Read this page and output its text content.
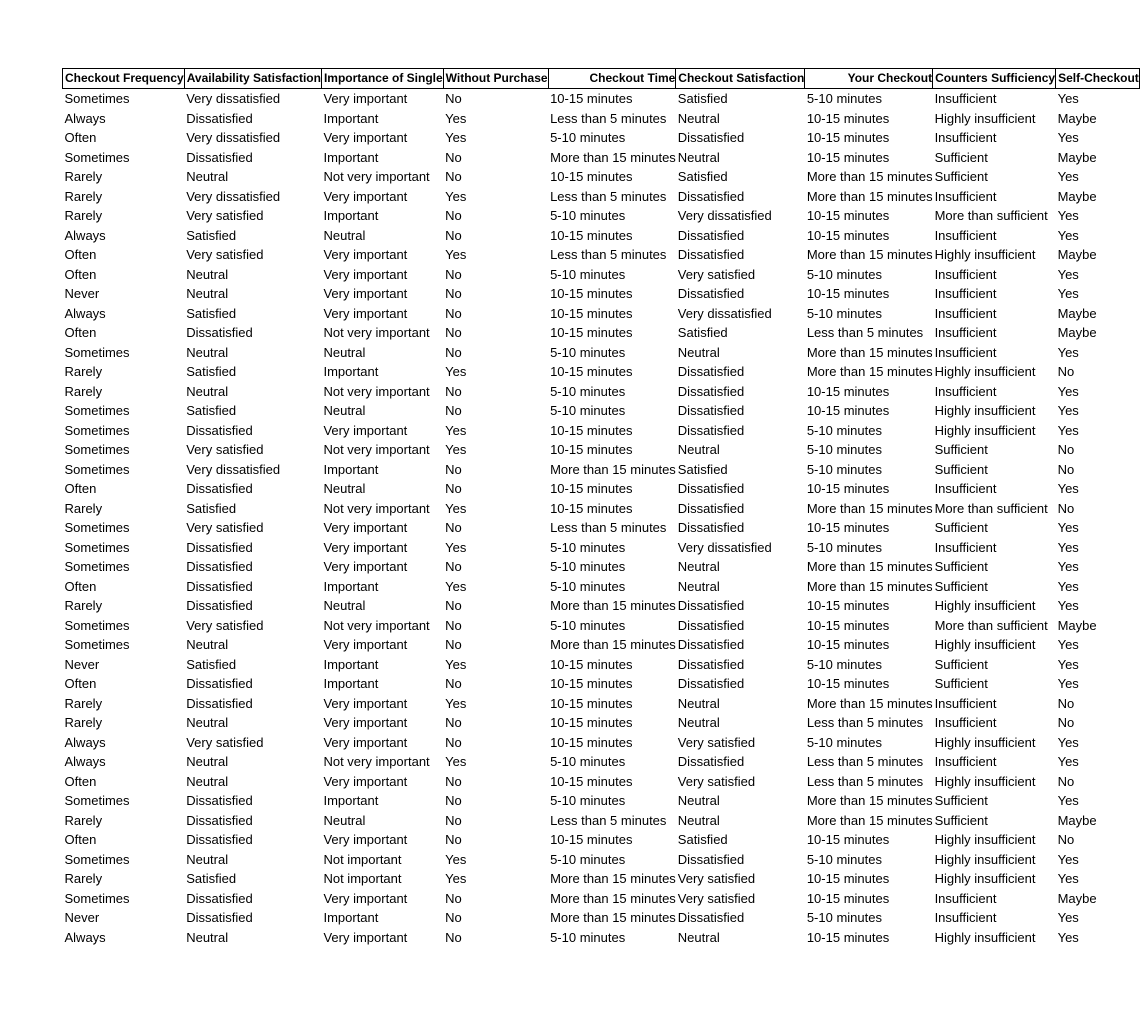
Checkout Frequency	Availability Satisfaction	Importance of Single	Without Purchase	Checkout Time	Checkout Satisfaction	Your Checkout	Counters Sufficiency	Self-Checkout
Sometimes	Very dissatisfied	Very important	No	10-15 minutes	Satisfied	5-10 minutes	Insufficient	Yes
Always	Dissatisfied	Important	Yes	Less than 5 minutes	Neutral	10-15 minutes	Highly insufficient	Maybe
Often	Very dissatisfied	Very important	Yes	5-10 minutes	Dissatisfied	10-15 minutes	Insufficient	Yes
Sometimes	Dissatisfied	Important	No	More than 15 minutes	Neutral	10-15 minutes	Sufficient	Maybe
Rarely	Neutral	Not very important	No	10-15 minutes	Satisfied	More than 15 minutes	Sufficient	Yes
Rarely	Very dissatisfied	Very important	Yes	Less than 5 minutes	Dissatisfied	More than 15 minutes	Insufficient	Maybe
Rarely	Very satisfied	Important	No	5-10 minutes	Very dissatisfied	10-15 minutes	More than sufficient	Yes
Always	Satisfied	Neutral	No	10-15 minutes	Dissatisfied	10-15 minutes	Insufficient	Yes
Often	Very satisfied	Very important	Yes	Less than 5 minutes	Dissatisfied	More than 15 minutes	Highly insufficient	Maybe
Often	Neutral	Very important	No	5-10 minutes	Very satisfied	5-10 minutes	Insufficient	Yes
Never	Neutral	Very important	No	10-15 minutes	Dissatisfied	10-15 minutes	Insufficient	Yes
Always	Satisfied	Very important	No	10-15 minutes	Very dissatisfied	5-10 minutes	Insufficient	Maybe
Often	Dissatisfied	Not very important	No	10-15 minutes	Satisfied	Less than 5 minutes	Insufficient	Maybe
Sometimes	Neutral	Neutral	No	5-10 minutes	Neutral	More than 15 minutes	Insufficient	Yes
Rarely	Satisfied	Important	Yes	10-15 minutes	Dissatisfied	More than 15 minutes	Highly insufficient	No
Rarely	Neutral	Not very important	No	5-10 minutes	Dissatisfied	10-15 minutes	Insufficient	Yes
Sometimes	Satisfied	Neutral	No	5-10 minutes	Dissatisfied	10-15 minutes	Highly insufficient	Yes
Sometimes	Dissatisfied	Very important	Yes	10-15 minutes	Dissatisfied	5-10 minutes	Highly insufficient	Yes
Sometimes	Very satisfied	Not very important	Yes	10-15 minutes	Neutral	5-10 minutes	Sufficient	No
Sometimes	Very dissatisfied	Important	No	More than 15 minutes	Satisfied	5-10 minutes	Sufficient	No
Often	Dissatisfied	Neutral	No	10-15 minutes	Dissatisfied	10-15 minutes	Insufficient	Yes
Rarely	Satisfied	Not very important	Yes	10-15 minutes	Dissatisfied	More than 15 minutes	More than sufficient	No
Sometimes	Very satisfied	Very important	No	Less than 5 minutes	Dissatisfied	10-15 minutes	Sufficient	Yes
Sometimes	Dissatisfied	Very important	Yes	5-10 minutes	Very dissatisfied	5-10 minutes	Insufficient	Yes
Sometimes	Dissatisfied	Very important	No	5-10 minutes	Neutral	More than 15 minutes	Sufficient	Yes
Often	Dissatisfied	Important	Yes	5-10 minutes	Neutral	More than 15 minutes	Sufficient	Yes
Rarely	Dissatisfied	Neutral	No	More than 15 minutes	Dissatisfied	10-15 minutes	Highly insufficient	Yes
Sometimes	Very satisfied	Not very important	No	5-10 minutes	Dissatisfied	10-15 minutes	More than sufficient	Maybe
Sometimes	Neutral	Very important	No	More than 15 minutes	Dissatisfied	10-15 minutes	Highly insufficient	Yes
Never	Satisfied	Important	Yes	10-15 minutes	Dissatisfied	5-10 minutes	Sufficient	Yes
Often	Dissatisfied	Important	No	10-15 minutes	Dissatisfied	10-15 minutes	Sufficient	Yes
Rarely	Dissatisfied	Very important	Yes	10-15 minutes	Neutral	More than 15 minutes	Insufficient	No
Rarely	Neutral	Very important	No	10-15 minutes	Neutral	Less than 5 minutes	Insufficient	No
Always	Very satisfied	Very important	No	10-15 minutes	Very satisfied	5-10 minutes	Highly insufficient	Yes
Always	Neutral	Not very important	Yes	5-10 minutes	Dissatisfied	Less than 5 minutes	Insufficient	Yes
Often	Neutral	Very important	No	10-15 minutes	Very satisfied	Less than 5 minutes	Highly insufficient	No
Sometimes	Dissatisfied	Important	No	5-10 minutes	Neutral	More than 15 minutes	Sufficient	Yes
Rarely	Dissatisfied	Neutral	No	Less than 5 minutes	Neutral	More than 15 minutes	Sufficient	Maybe
Often	Dissatisfied	Very important	No	10-15 minutes	Satisfied	10-15 minutes	Highly insufficient	No
Sometimes	Neutral	Not important	Yes	5-10 minutes	Dissatisfied	5-10 minutes	Highly insufficient	Yes
Rarely	Satisfied	Not important	Yes	More than 15 minutes	Very satisfied	10-15 minutes	Highly insufficient	Yes
Sometimes	Dissatisfied	Very important	No	More than 15 minutes	Very satisfied	10-15 minutes	Insufficient	Maybe
Never	Dissatisfied	Important	No	More than 15 minutes	Dissatisfied	5-10 minutes	Insufficient	Yes
Always	Neutral	Very important	No	5-10 minutes	Neutral	10-15 minutes	Highly insufficient	Yes
